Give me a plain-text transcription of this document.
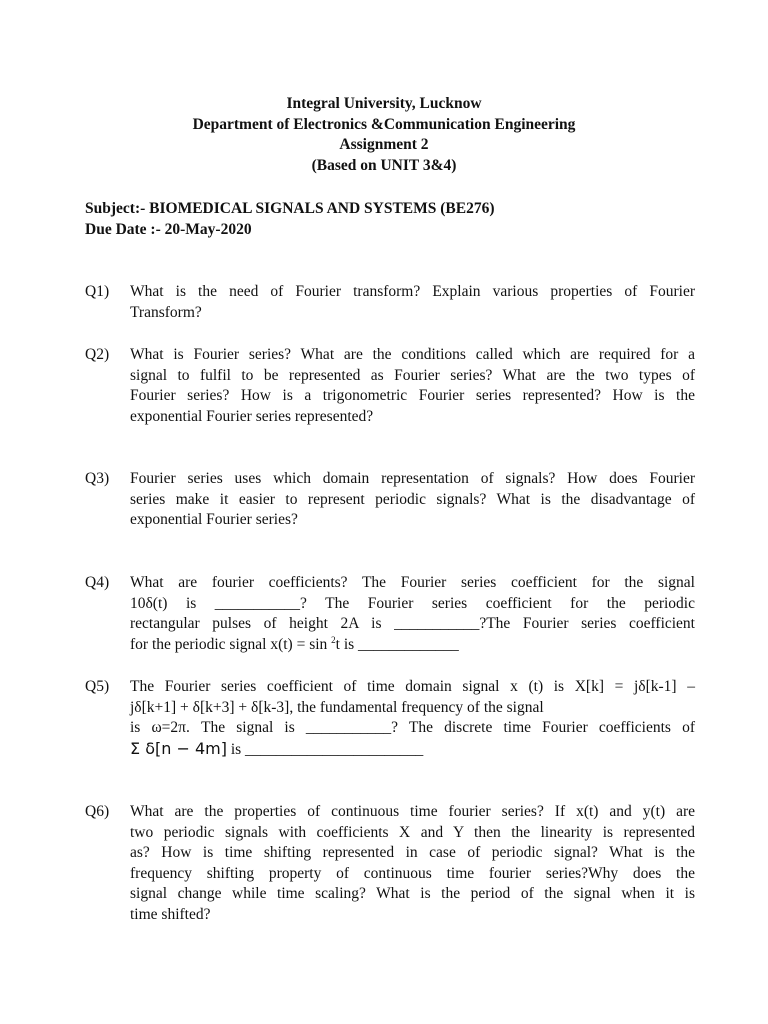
Integral University, Lucknow
Department of Electronics &Communication Engineering
Assignment 2
(Based on UNIT 3&4)
Subject:- BIOMEDICAL SIGNALS AND SYSTEMS (BE276)
Due Date :- 20-May-2020
Q1) What is the need of Fourier transform? Explain various properties of Fourier
Transform?
Q2) What is Fourier series? What are the conditions called which are required for a
signal to fulfil to be represented as Fourier series? What are the two types of
Fourier series? How is a trigonometric Fourier series represented? How is the
exponential Fourier series represented?
Q3) Fourier series uses which domain representation of signals? How does Fourier
series make it easier to represent periodic signals? What is the disadvantage of
exponential Fourier series?
Q4) What are fourier coefficients? The Fourier series coefficient for the signal
10δ(t) is ___________? The Fourier series coefficient for the periodic
rectangular pulses of height 2A is ___________?The Fourier series coefficient
for the periodic signal x(t) = sin $^2$t is _____________
Q5) The Fourier series coefficient of time domain signal x (t) is X[k] = jδ[k-1] –
jδ[k+1] + δ[k+3] + δ[k-3], the fundamental frequency of the signal
is ω=2π. The signal is ___________? The discrete time Fourier coefficients of
Σ δ[n − 4m] is _______________________
Q6) What are the properties of continuous time fourier series? If x(t) and y(t) are
two periodic signals with coefficients X and Y then the linearity is represented
as? How is time shifting represented in case of periodic signal? What is the
frequency shifting property of continuous time fourier series?Why does the
signal change while time scaling? What is the period of the signal when it is
time shifted?
